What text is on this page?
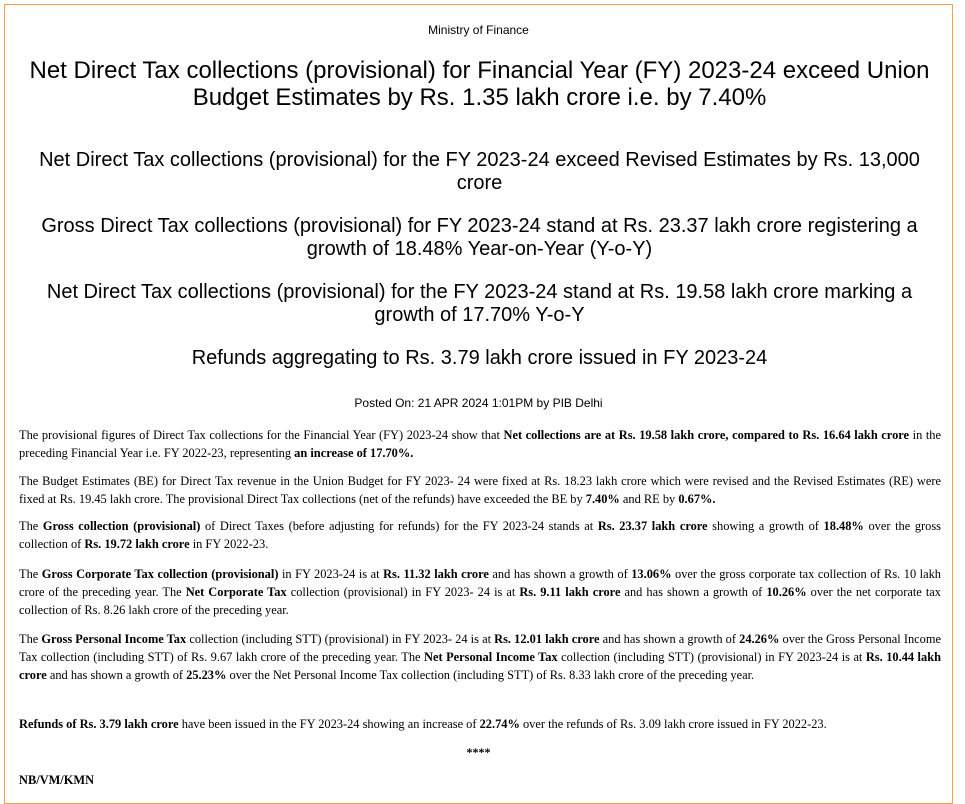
Ministry of Finance
Net Direct Tax collections (provisional) for Financial Year (FY) 2023-24 exceed Union Budget Estimates by Rs. 1.35 lakh crore i.e. by 7.40%
Net Direct Tax collections (provisional) for the FY 2023-24 exceed Revised Estimates by Rs. 13,000 crore
Gross Direct Tax collections (provisional) for FY 2023-24 stand at Rs. 23.37 lakh crore registering a growth of 18.48% Year-on-Year (Y-o-Y)
Net Direct Tax collections (provisional) for the FY 2023-24 stand at Rs. 19.58 lakh crore marking a growth of 17.70% Y-o-Y
Refunds aggregating to Rs. 3.79 lakh crore issued in FY 2023-24
Posted On: 21 APR 2024 1:01PM by PIB Delhi
The provisional figures of Direct Tax collections for the Financial Year (FY) 2023-24 show that Net collections are at Rs. 19.58 lakh crore, compared to Rs. 16.64 lakh crore in the preceding Financial Year i.e. FY 2022-23, representing an increase of 17.70%.
The Budget Estimates (BE) for Direct Tax revenue in the Union Budget for FY 2023- 24 were fixed at Rs. 18.23 lakh crore which were revised and the Revised Estimates (RE) were fixed at Rs. 19.45 lakh crore. The provisional Direct Tax collections (net of the refunds) have exceeded the BE by 7.40% and RE by 0.67%.
The Gross collection (provisional) of Direct Taxes (before adjusting for refunds) for the FY 2023-24 stands at Rs. 23.37 lakh crore showing a growth of 18.48% over the gross collection of Rs. 19.72 lakh crore in FY 2022-23.
The Gross Corporate Tax collection (provisional) in FY 2023-24 is at Rs. 11.32 lakh crore and has shown a growth of 13.06% over the gross corporate tax collection of Rs. 10 lakh crore of the preceding year. The Net Corporate Tax collection (provisional) in FY 2023- 24 is at Rs. 9.11 lakh crore and has shown a growth of 10.26% over the net corporate tax collection of Rs. 8.26 lakh crore of the preceding year.
The Gross Personal Income Tax collection (including STT) (provisional) in FY 2023- 24 is at Rs. 12.01 lakh crore and has shown a growth of 24.26% over the Gross Personal Income Tax collection (including STT) of Rs. 9.67 lakh crore of the preceding year. The Net Personal Income Tax collection (including STT) (provisional) in FY 2023-24 is at Rs. 10.44 lakh crore and has shown a growth of 25.23% over the Net Personal Income Tax collection (including STT) of Rs. 8.33 lakh crore of the preceding year.
Refunds of Rs. 3.79 lakh crore have been issued in the FY 2023-24 showing an increase of 22.74% over the refunds of Rs. 3.09 lakh crore issued in FY 2022-23.
****
NB/VM/KMN
